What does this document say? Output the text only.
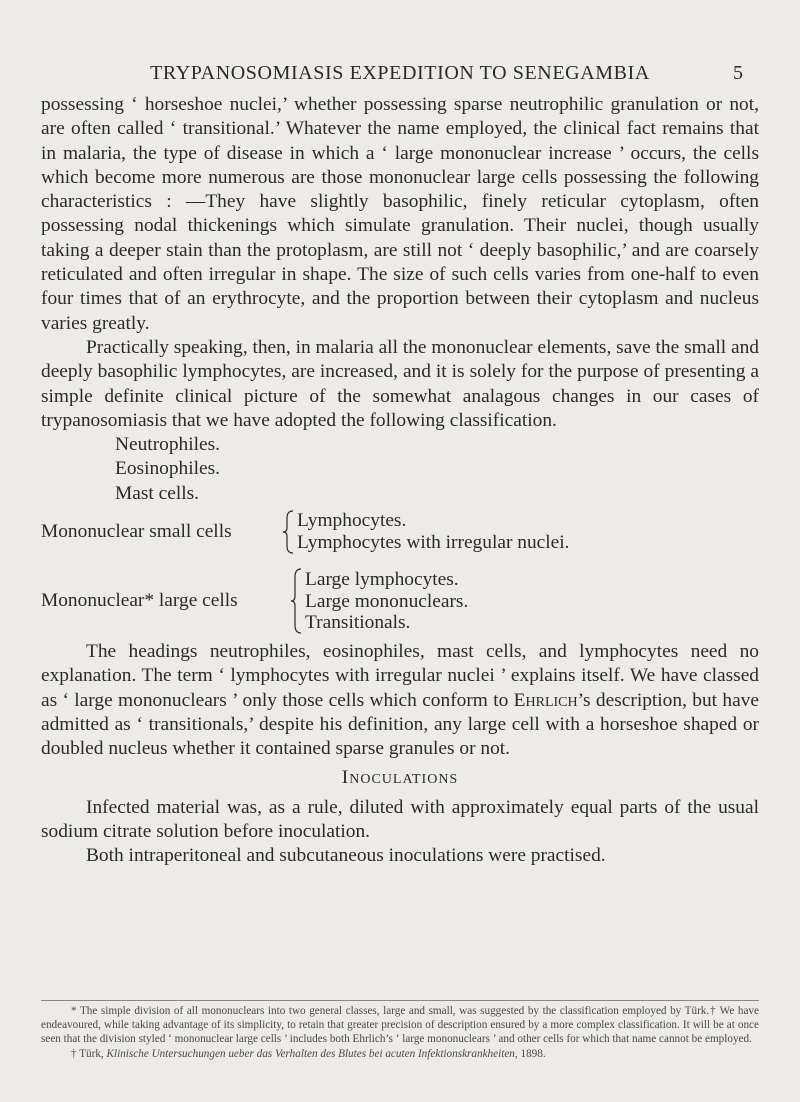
TRYPANOSOMIASIS EXPEDITION TO SENEGAMBIA	5

possessing ‘ horseshoe nuclei,’ whether possessing sparse neutrophilic granulation or not, are often called ‘ transitional.’ Whatever the name employed, the clinical fact remains that in malaria, the type of disease in which a ‘ large mononuclear increase ’ occurs, the cells which become more numerous are those mononuclear large cells possessing the following characteristics : —They have slightly basophilic, finely reticular cytoplasm, often possessing nodal thickenings which simulate granulation. Their nuclei, though usually taking a deeper stain than the protoplasm, are still not ‘ deeply basophilic,’ and are coarsely reticulated and often irregular in shape. The size of such cells varies from one-half to even four times that of an erythrocyte, and the proportion between their cytoplasm and nucleus varies greatly.

Practically speaking, then, in malaria all the mononuclear elements, save the small and deeply basophilic lymphocytes, are increased, and it is solely for the purpose of presenting a simple definite clinical picture of the somewhat analagous changes in our cases of trypanosomiasis that we have adopted the following classification.

Neutrophiles.
Eosinophiles.
Mast cells.
Mononuclear small cells
Lymphocytes.
Lymphocytes with irregular nuclei.
Mononuclear* large cells
Large lymphocytes.
Large mononuclears.
Transitionals.

The headings neutrophiles, eosinophiles, mast cells, and lymphocytes need no explanation. The term ‘ lymphocytes with irregular nuclei ’ explains itself. We have classed as ‘ large mononuclears ’ only those cells which conform to Ehrlich’s description, but have admitted as ‘ transitionals,’ despite his definition, any large cell with a horseshoe shaped or doubled nucleus whether it contained sparse granules or not.

Inoculations

Infected material was, as a rule, diluted with approximately equal parts of the usual sodium citrate solution before inoculation.

Both intraperitoneal and subcutaneous inoculations were practised.

* The simple division of all mononuclears into two general classes, large and small, was suggested by the classification employed by Türk.† We have endeavoured, while taking advantage of its simplicity, to retain that greater precision of description ensured by a more complex classification. It will be at once seen that the division styled ‘ mononuclear large cells ’ includes both Ehrlich’s ‘ large mononuclears ’ and other cells for which that name cannot be employed.

† Türk, Klinische Untersuchungen ueber das Verhalten des Blutes bei acuten Infektionskrankheiten, 1898.
